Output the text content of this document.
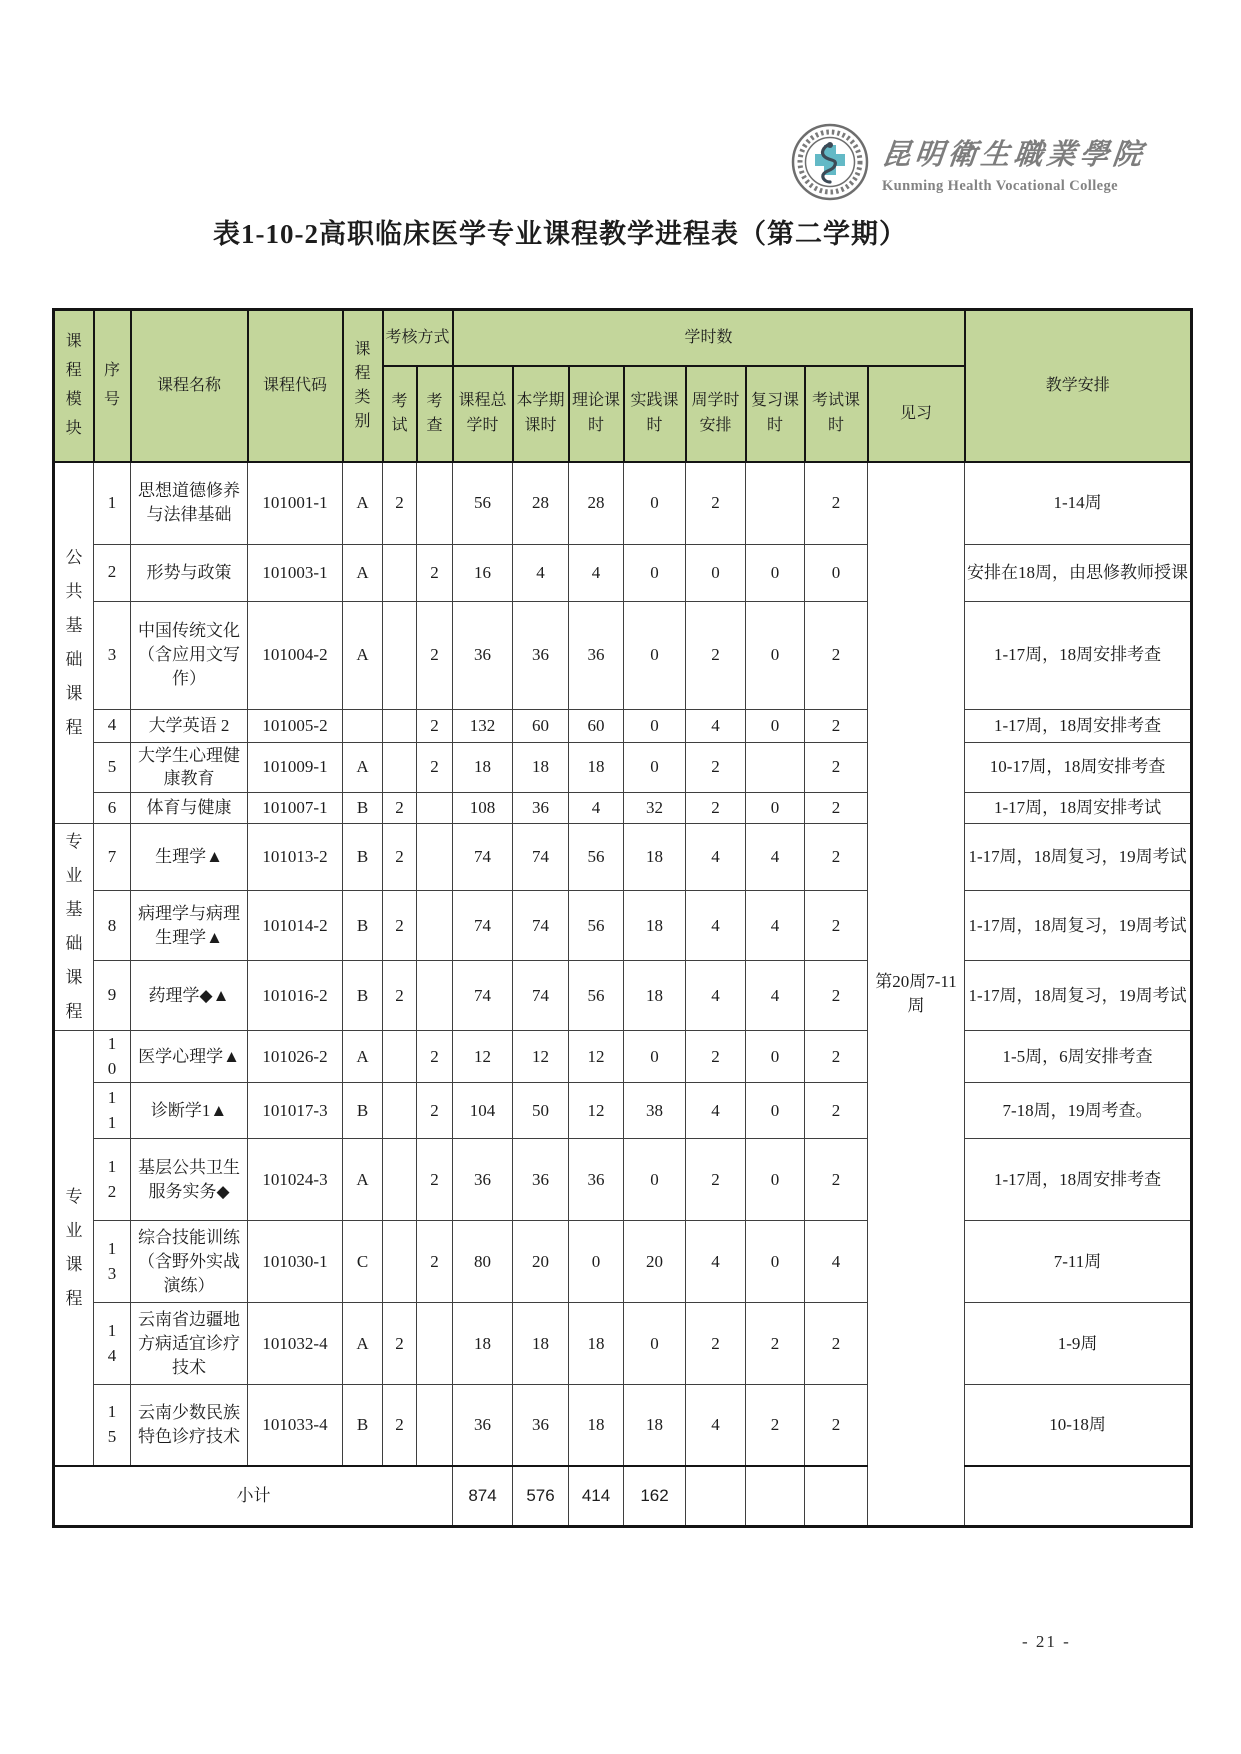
昆明衛生職業學院
Kunming Health Vocational College
表1-10-2高职临床医学专业课程教学进程表（第二学期）
课程模块	序号	课程名称	课程代码	课程类别	考核方式		学时数								教学安排
					考试	考查	课程总学时	本学期课时	理论课时	实践课时	周学时安排	复习课时	考试课时	见习	
公共基础课程	1	思想道德修养与法律基础	101001-1	A	2		56	28	28	0	2		2	第20周7-11周	1-14周
	2	形势与政策	101003-1	A		2	16	4	4	0	0	0	0		安排在18周，由思修教师授课
	3	中国传统文化（含应用文写作）	101004-2	A		2	36	36	36	0	2	0	2		1-17周，18周安排考查
	4	大学英语 2	101005-2			2	132	60	60	0	4	0	2		1-17周，18周安排考查
	5	大学生心理健康教育	101009-1	A		2	18	18	18	0	2		2		10-17周，18周安排考查
	6	体育与健康	101007-1	B	2		108	36	4	32	2	0	2		1-17周，18周安排考试
专业基础课程	7	生理学▲	101013-2	B	2		74	74	56	18	4	4	2		1-17周，18周复习，19周考试
	8	病理学与病理生理学▲	101014-2	B	2		74	74	56	18	4	4	2		1-17周，18周复习，19周考试
	9	药理学◆▲	101016-2	B	2		74	74	56	18	4	4	2		1-17周，18周复习，19周考试
专业课程	10	医学心理学▲	101026-2	A		2	12	12	12	0	2	0	2		1-5周，6周安排考查
	11	诊断学1▲	101017-3	B		2	104	50	12	38	4	0	2		7-18周，19周考查。
	12	基层公共卫生服务实务◆	101024-3	A		2	36	36	36	0	2	0	2		1-17周，18周安排考查
	13	综合技能训练（含野外实战演练）	101030-1	C		2	80	20	0	20	4	0	4		7-11周
	14	云南省边疆地方病适宜诊疗技术	101032-4	A	2		18	18	18	0	2	2	2		1-9周
	15	云南少数民族特色诊疗技术	101033-4	B	2		36	36	18	18	4	2	2		10-18周
小计							874	576	414	162					
- 21 -
